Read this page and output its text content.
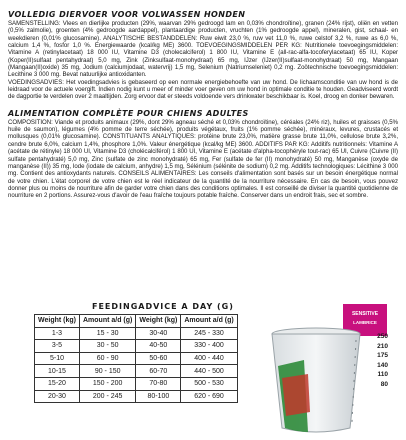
VOLLEDIG DIERVOER VOOR VOLWASSEN HONDEN

SAMENSTELLING: Vlees en dierlijke producten (29%, waarvan 29% gedroogd lam en 0,03% chondroïtine), granen (24% rijst), oliën en vetten (0,5% zalmolie), groenten (4% gedroogde aardappel), plantaardige producten, vruchten (1% gedroogde appel), mineralen, gist, schaal- en weekdieren (0,01% glucosamine). ANALYTISCHE BESTANDDELEN: Ruw eiwit 23,0 %, ruw vet 11,0 %, ruwe celstof 3,2 %, ruwe as 6,0 %, calcium 1,4 %, fosfor 1,0 %. Energiewaarde (kcal/kg ME) 3600. TOEVOEGINGSMIDDELEN PER KG: Nutritionele toevoegingsmiddelen: Vitamine A (retinylacetaat) 18 000 IU, Vitamine D3 (cholecalciferol) 1 800 IU, Vitamine E (all-rac-alfa-tocoferylacetaat) 65 IU, Koper (Koper(II)sulfaat pentahydraat) 5,0 mg, Zink (Zinksulfaat-monohydraat) 65 mg, IJzer (IJzer(II)sulfaat-monohydraat) 50 mg, Mangaan (Mangaan(II)oxide) 35 mg, Jodium (calciumjodaat, watervrij) 1,5 mg, Selenium (Natriumseleniet) 0,2 mg. Zoötechnische toevoegingsmiddelen: Lecithine 3 000 mg. Bevat natuurlijke antioxidanten.

VOEDINGSADVIES: Het voedingsadvies is gebaseerd op een normale energiebehoefte van uw hond. De lichaamsconditie van uw hond is de leidraad voor de actuele voergift. Indien nodig kunt u meer of minder voer geven om uw hond in optimale conditie te houden. Geadviseerd wordt de dagportie te verdelen over 2 maaltijden. Zorg ervoor dat er steeds voldoende vers drinkwater beschikbaar is. Koel, droog en donker bewaren.

ALIMENTATION COMPLÈTE POUR CHIENS ADULTES

COMPOSITION: Viande et produits animaux (29%, dont 29% agneau séché et 0,03% chondroïtine), céréales (24% riz), huiles et graisses (0,5% huile de saumon), légumes (4% pomme de terre séchée), produits végétaux, fruits (1% pomme séchée), minéraux, levures, crustacés et mollusques (0,01% glucosamine). CONSTITUANTS ANALYTIQUES: protéine brute 23,0%, matière grasse brute 11,0%, cellulose brute 3,2%, cendre brute 6,0%, calcium 1,4%, phosphore 1,0%. Valeur énergétique (kcal/kg ME) 3600. ADDITIFS PAR KG: Additifs nutritionnels: Vitamine A (acétate de rétinyle) 18 000 UI, Vitamine D3 (cholécalciférol) 1 800 UI, Vitamine E (acétate d'alpha-tocophéryle tout-rac) 65 UI, Cuivre (Cuivre (II) sulfate pentahydraté) 5,0 mg, Zinc (sulfate de zinc monohydraté) 65 mg, Fer (sulfate de fer (II) monohydraté) 50 mg, Manganèse (oxyde de manganèse (II)) 35 mg, Iode (iodate de calcium, anhydre) 1,5 mg, Sélénium (sélénite de sodium) 0,2 mg. Additifs technologiques: Lécithine 3 000 mg. Contient des antioxydants naturels. CONSEILS ALIMENTAIRES: Les conseils d'alimentation sont basés sur un besoin énergétique normal de votre chien. L'état corporel de votre chien est le réel indicateur de la quantité de la nourriture nécessaire. En cas de besoin, vous pouvez donner plus ou moins de nourriture afin de garder votre chien dans des conditions optimales. Il est conseillé de diviser la quantité quotidienne de nourriture en 2 portions. Assurez-vous d'avoir de l'eau fraîche toujours potable fraîche. Conserver dans un endroit frais, sec et sombre.

FEEDINGADVICE A DAY (G)
Weight (kg)	Amount a/d (g)	Weight (kg)	Amount a/d (g)
1-3	15 - 30	30-40	245 - 330
3-5	30 - 50	40-50	330 - 400
5-10	60 - 90	50-60	400 - 440
10-15	90 - 150	60-70	440 - 500
15-20	150 - 200	70-80	500 - 530
20-30	200 - 245	80-100	620 - 690
SENSITIVE
LAMBRICE
250
210
175
140
110
80
